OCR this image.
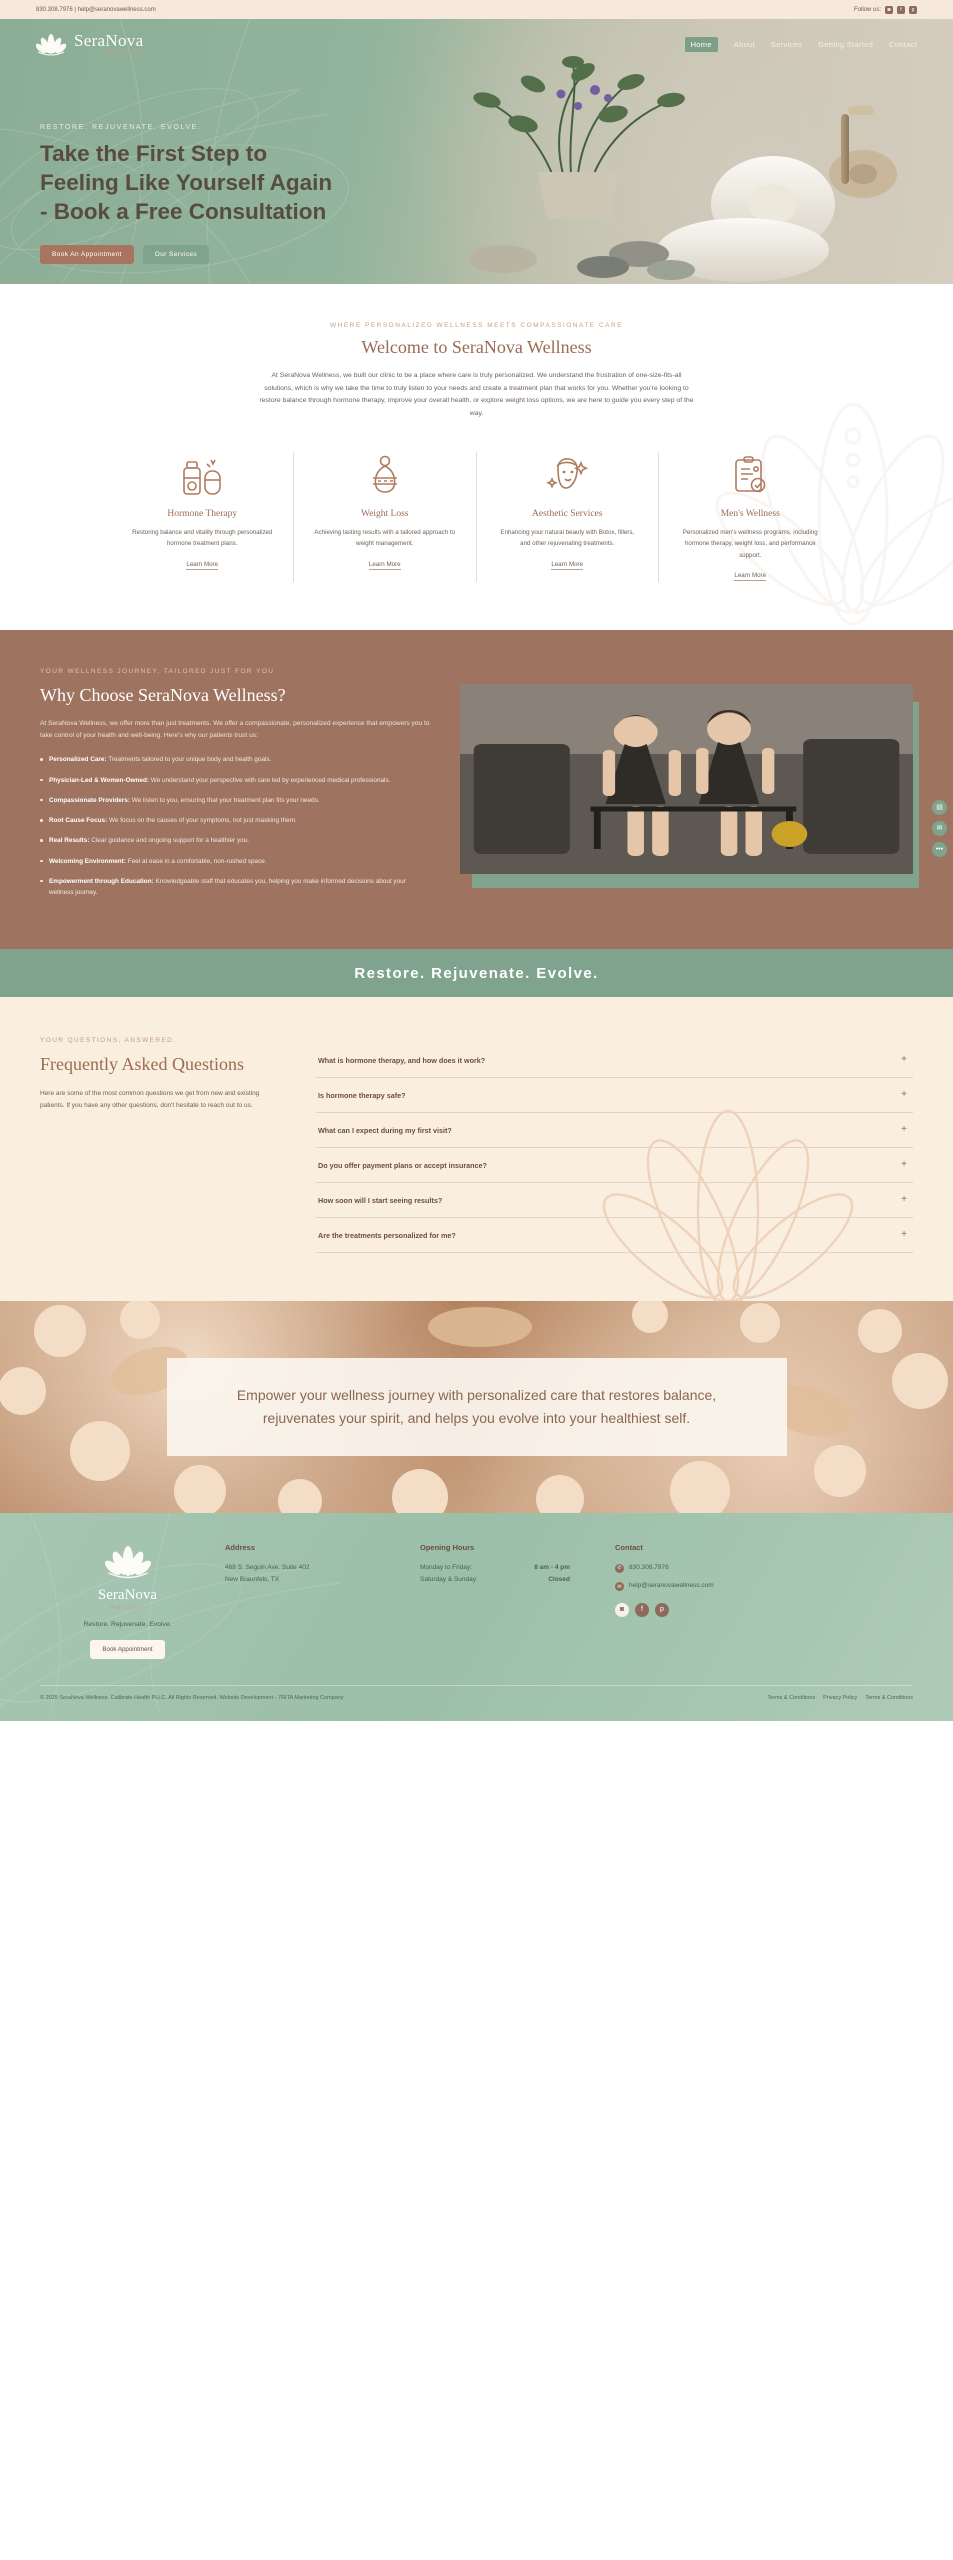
830.308.7976 | help@seranovawellness.com	Follow us:	◙	f	p
SeraNova
Wellness
Home	About Services Getting Started Contact
RESTORE. REJUVENATE. EVOLVE.
Take the First Step to Feeling Like Yourself Again - Book a Free Consultation
Book An Appointment	Our Services
WHERE PERSONALIZED WELLNESS MEETS COMPASSIONATE CARE
Welcome to SeraNova Wellness

At SeraNova Wellness, we built our clinic to be a place where care is truly personalized. We understand the frustration of one-size-fits-all solutions, which is why we take the time to truly listen to your needs and create a treatment plan that works for you. Whether you're looking to restore balance through hormone therapy, improve your overall health, or explore weight loss options, we are here to guide you every step of the way.

Hormone Therapy
Restoring balance and vitality through personalized hormone treatment plans.
Learn More
Weight Loss
Achieving lasting results with a tailored approach to weight management.
Learn More
Aesthetic Services
Enhancing your natural beauty with Botox, fillers, and other rejuvenating treatments.
Learn More
Men's Wellness
Personalized men's wellness programs, including hormone therapy, weight loss, and performance support.
Learn More
YOUR WELLNESS JOURNEY, TAILORED JUST FOR YOU
Why Choose SeraNova Wellness?

At SeraNova Wellness, we offer more than just treatments. We offer a compassionate, personalized experience that empowers you to take control of your health and well-being. Here's why our patients trust us:

Personalized Care: Treatments tailored to your unique body and health goals.
Physician-Led & Women-Owned: We understand your perspective with care led by experienced medical professionals.
Compassionate Providers: We listen to you, ensuring that your treatment plan fits your needs.
Root Cause Focus: We focus on the causes of your symptoms, not just masking them.
Real Results: Clear guidance and ongoing support for a healthier you.
Welcoming Environment: Feel at ease in a comfortable, non-rushed space.
Empowerment through Education: Knowledgeable staff that educates you, helping you make informed decisions about your wellness journey.
▤
✉
•••
Restore. Rejuvenate. Evolve.
YOUR QUESTIONS, ANSWERED.
Frequently Asked Questions

Here are some of the most common questions we get from new and existing patients. If you have any other questions, don't hesitate to reach out to us.

What is hormone therapy, and how does it work?	+
Is hormone therapy safe?	+
What can I expect during my first visit?	+
Do you offer payment plans or accept insurance?	+
How soon will I start seeing results?	+
Are the treatments personalized for me?	+
Empower your wellness journey with personalized care that restores balance, rejuvenates your spirit, and helps you evolve into your healthiest self.
SeraNova
Wellness
Restore. Rejuvenate. Evolve.
Book Appointment
Address
468 S. Seguin Ave. Suite 402
New Braunfels, TX
Opening Hours
Monday to Friday:	8 am - 4 pm
Saturday & Sunday:	Closed
Contact
✆	830.308.7976
✉	help@seranovawellness.com
◙	f	p
© 2025 SeraNova Wellness. Calibrate Health PLLC. All Rights Reserved. Website Development - 7RITA Marketing Company	Terms & Conditions Privacy Policy Terms & Conditions
